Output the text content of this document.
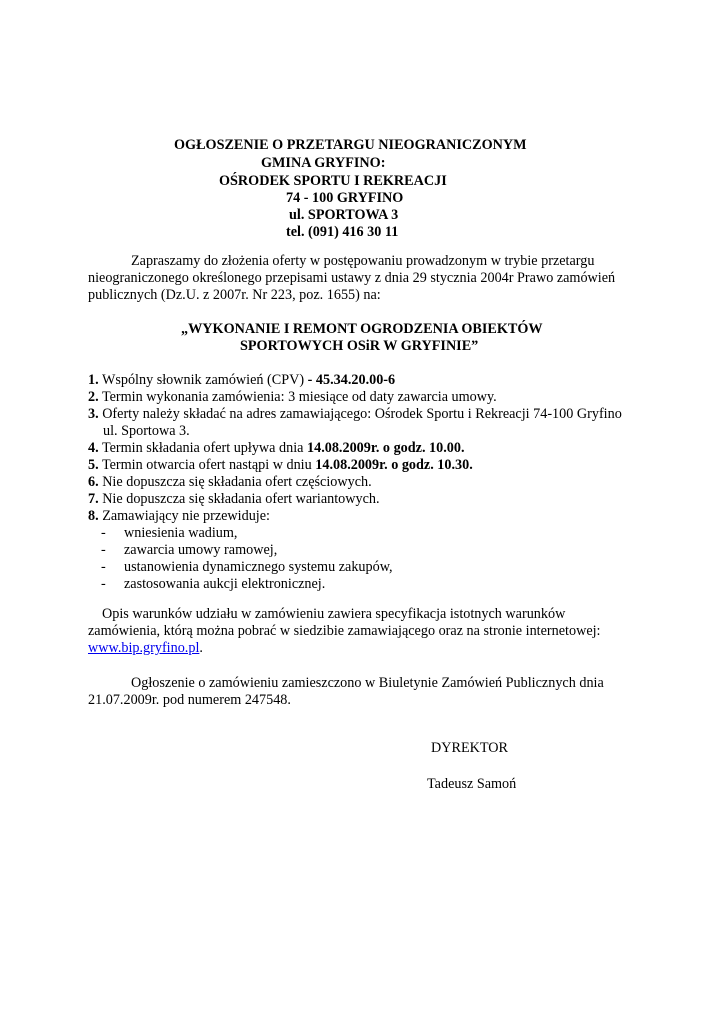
OGŁOSZENIE O PRZETARGU NIEOGRANICZONYM
GMINA GRYFINO:
OŚRODEK SPORTU I REKREACJI
74 - 100 GRYFINO
ul. SPORTOWA 3
tel. (091) 416 30 11
Zapraszamy do złożenia oferty w postępowaniu prowadzonym w trybie przetargu
nieograniczonego określonego przepisami ustawy z dnia 29 stycznia 2004r Prawo zamówień
publicznych (Dz.U. z 2007r. Nr 223, poz. 1655) na:
„WYKONANIE I REMONT OGRODZENIA OBIEKTÓW
SPORTOWYCH OSiR W GRYFINIE”
1. Wspólny słownik zamówień (CPV) - 45.34.20.00-6
2. Termin wykonania zamówienia: 3 miesiące od daty zawarcia umowy.
3. Oferty należy składać na adres zamawiającego: Ośrodek Sportu i Rekreacji 74-100 Gryfino
ul. Sportowa 3.
4. Termin składania ofert upływa dnia 14.08.2009r. o godz. 10.00.
5. Termin otwarcia ofert nastąpi w dniu 14.08.2009r. o godz. 10.30.
6. Nie dopuszcza się składania ofert częściowych.
7. Nie dopuszcza się składania ofert wariantowych.
8. Zamawiający nie przewiduje:
- wniesienia wadium,
- zawarcia umowy ramowej,
- ustanowienia dynamicznego systemu zakupów,
- zastosowania aukcji elektronicznej.
Opis warunków udziału w zamówieniu zawiera specyfikacja istotnych warunków
zamówienia, którą można pobrać w siedzibie zamawiającego oraz na stronie internetowej:
www.bip.gryfino.pl.
Ogłoszenie o zamówieniu zamieszczono w Biuletynie Zamówień Publicznych dnia
21.07.2009r. pod numerem 247548.
DYREKTOR
Tadeusz Samoń
